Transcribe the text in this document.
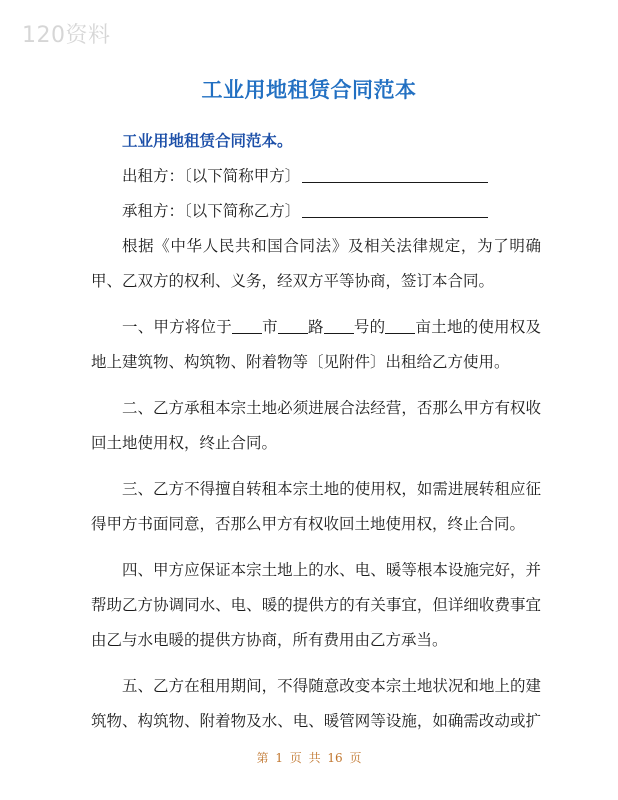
120资料
工业用地租赁合同范本
工业用地租赁合同范本。
出租方：〔以下简称甲方〕
承租方：〔以下简称乙方〕

根据《中华人民共和国合同法》及相关法律规定，为了明确甲、乙双方的权利、义务，经双方平等协商，签订本合同。

一、甲方将位于 市 路 号的 亩土地的使用权及地上建筑物、构筑物、附着物等〔见附件〕出租给乙方使用。

二、乙方承租本宗土地必须进展合法经营，否那么甲方有权收回土地使用权，终止合同。

三、乙方不得擅自转租本宗土地的使用权，如需进展转租应征得甲方书面同意，否那么甲方有权收回土地使用权，终止合同。

四、甲方应保证本宗土地上的水、电、暖等根本设施完好，并帮助乙方协调同水、电、暖的提供方的有关事宜，但详细收费事宜由乙与水电暖的提供方协商，所有费用由乙方承当。

五、乙方在租用期间，不得随意改变本宗土地状况和地上的建筑物、构筑物、附着物及水、电、暖管网等设施，如确需改动或扩

第 1 页 共 16 页
